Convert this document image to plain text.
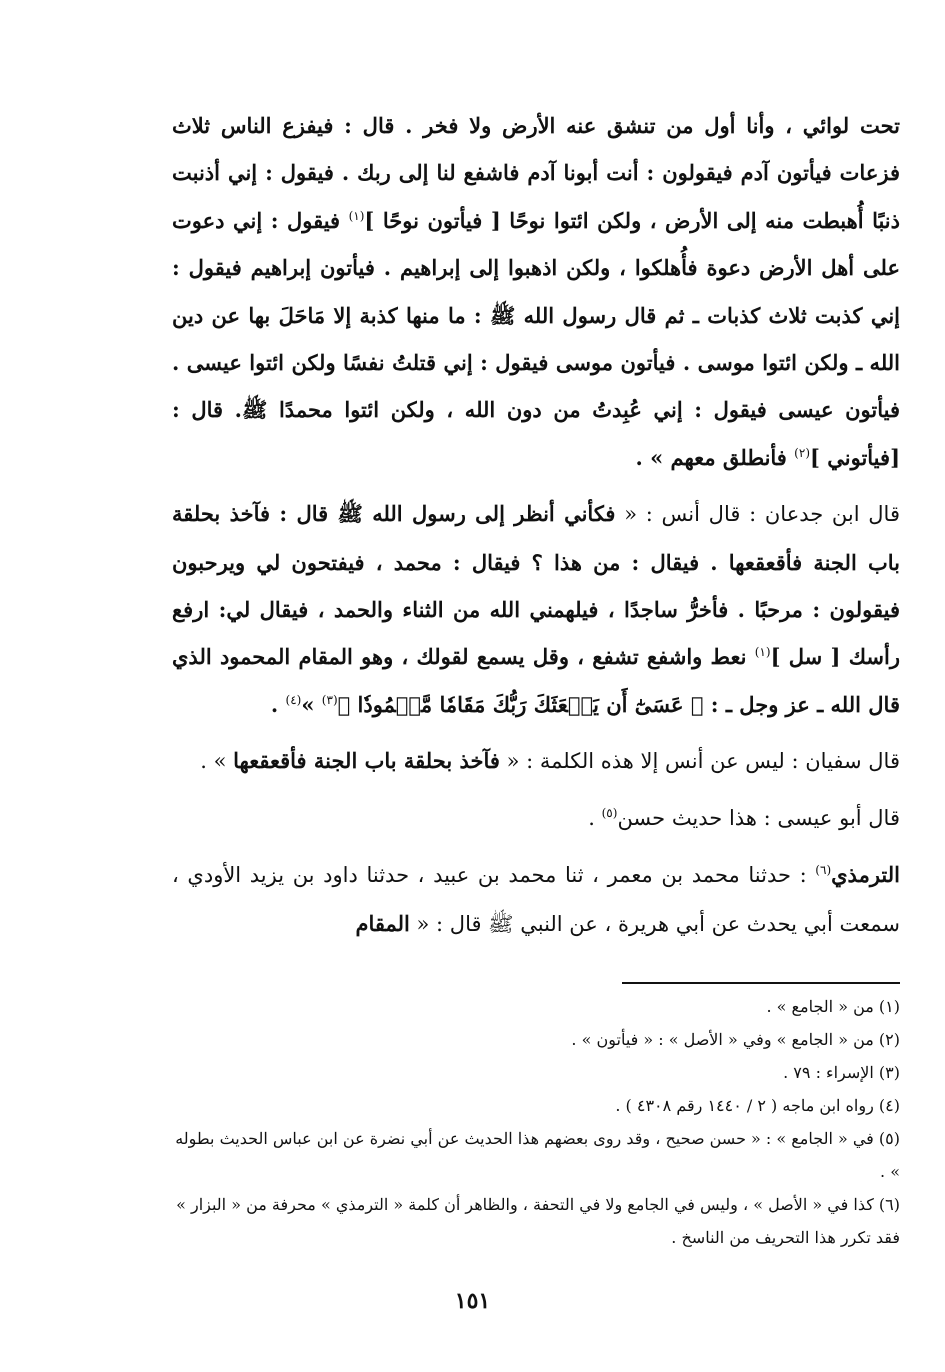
تحت لوائي ، وأنا أول من تنشق عنه الأرض ولا فخر . قال : فيفزع الناس ثلاث فزعات فيأتون آدم فيقولون : أنت أبونا آدم فاشفع لنا إلى ربك . فيقول : إني أذنبت ذنبًا أُهبطت منه إلى الأرض ، ولكن ائتوا نوحًا [ فيأتون نوحًا ]$^{(١)}$ فيقول : إني دعوت على أهل الأرض دعوة فأُهلكوا ، ولكن اذهبوا إلى إبراهيم . فيأتون إبراهيم فيقول : إني كذبت ثلاث كذبات ـ ثم قال رسول الله ﷺ : ما منها كذبة إلا مَاحَلَ بها عن دين الله ـ ولكن ائتوا موسى . فيأتون موسى فيقول : إني قتلتُ نفسًا ولكن ائتوا عيسى . فيأتون عيسى فيقول : إني عُبِدتُ من دون الله ، ولكن ائتوا محمدًا ﷺ. قال : [فيأتوني ]$^{(٢)}$ فأنطلق معهم » .

قال ابن جدعان : قال أنس : « فكأني أنظر إلى رسول الله ﷺ قال : فآخذ بحلقة باب الجنة فأقعقعها . فيقال : من هذا ؟ فيقال : محمد ، فيفتحون لي ويرحبون فيقولون : مرحبًا . فأخرُّ ساجدًا ، فيلهمني الله من الثناء والحمد ، فيقال لي: ارفع رأسك [ سل ]$^{(١)}$ نعط واشفع تشفع ، وقل يسمع لقولك ، وهو المقام المحمود الذي قال الله ـ عز وجل ـ : ﴿ عَسَىٰٓ أَن يَبۡعَثَكَ رَبُّكَ مَقَامٗا مَّحۡمُودٗا ﴾$^{(٣)}$ »$^{(٤)}$ .

قال سفيان : ليس عن أنس إلا هذه الكلمة : « فآخذ بحلقة باب الجنة فأقعقعها » .

قال أبو عيسى : هذا حديث حسن$^{(٥)}$ .

الترمذي$^{(٦)}$ : حدثنا محمد بن معمر ، ثنا محمد بن عبيد ، حدثنا داود بن يزيد الأودي ، سمعت أبي يحدث عن أبي هريرة ، عن النبي ﷺ قال : « المقام

(١) من « الجامع » .

(٢) من « الجامع » وفي « الأصل » : « فيأتون » .

(٣) الإسراء : ٧٩ .

(٤) رواه ابن ماجه ( ٢ / ١٤٤٠ رقم ٤٣٠٨ ) .

(٥) في « الجامع » : « حسن صحيح ، وقد روى بعضهم هذا الحديث عن أبي نضرة عن ابن عباس الحديث بطوله » .

(٦) كذا في « الأصل » ، وليس في الجامع ولا في التحفة ، والظاهر أن كلمة « الترمذي » محرفة من « البزار » فقد تكرر هذا التحريف من الناسخ .

١٥١
